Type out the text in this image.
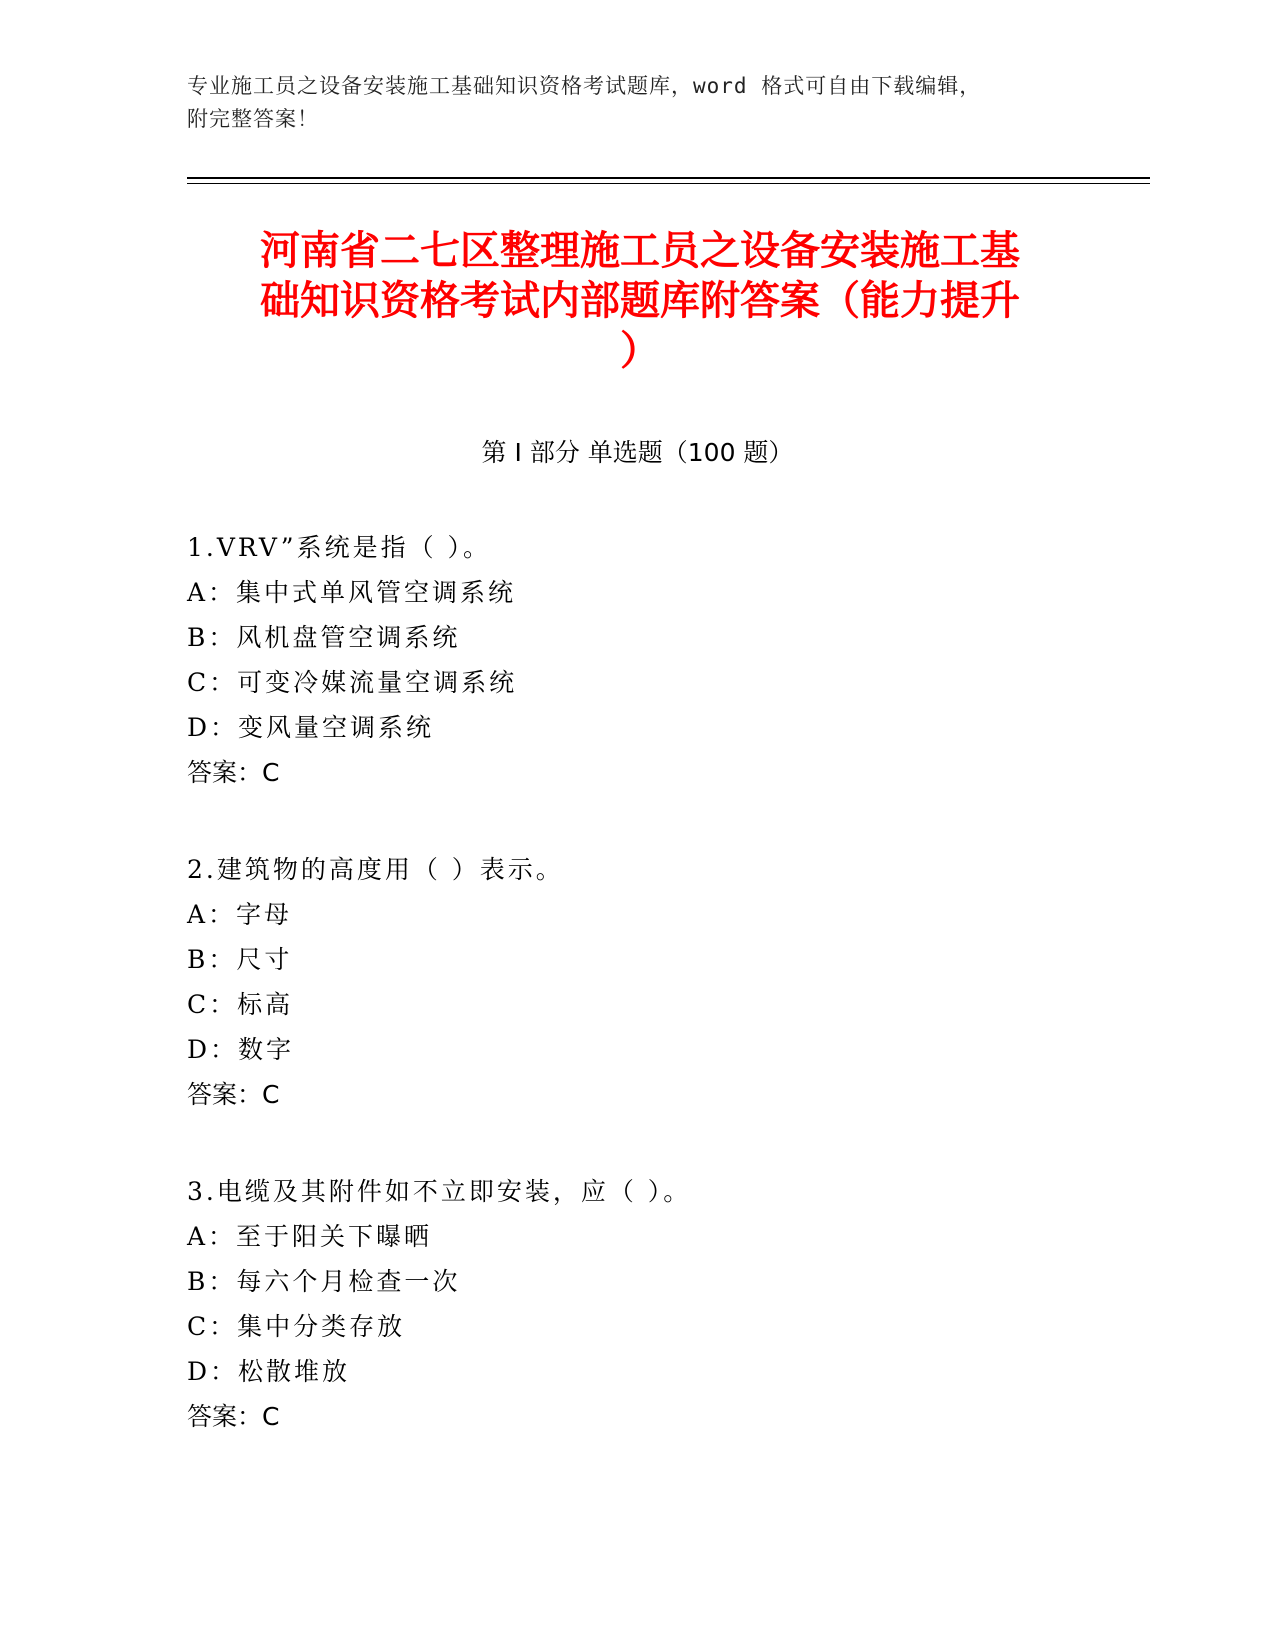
专业施工员之设备安装施工基础知识资格考试题库，word 格式可自由下载编辑，
附完整答案！
河南省二七区整理施工员之设备安装施工基
础知识资格考试内部题库附答案（能力提升
）
第 I 部分 单选题（100 题）
1.VRV”系统是指（ ）。
A：集中式单风管空调系统
B：风机盘管空调系统
C：可变冷媒流量空调系统
D：变风量空调系统
答案：C
2.建筑物的高度用（ ）表示。
A：字母
B：尺寸
C：标高
D：数字
答案：C
3.电缆及其附件如不立即安装，应（ ）。
A：至于阳关下曝晒
B：每六个月检查一次
C：集中分类存放
D：松散堆放
答案：C
